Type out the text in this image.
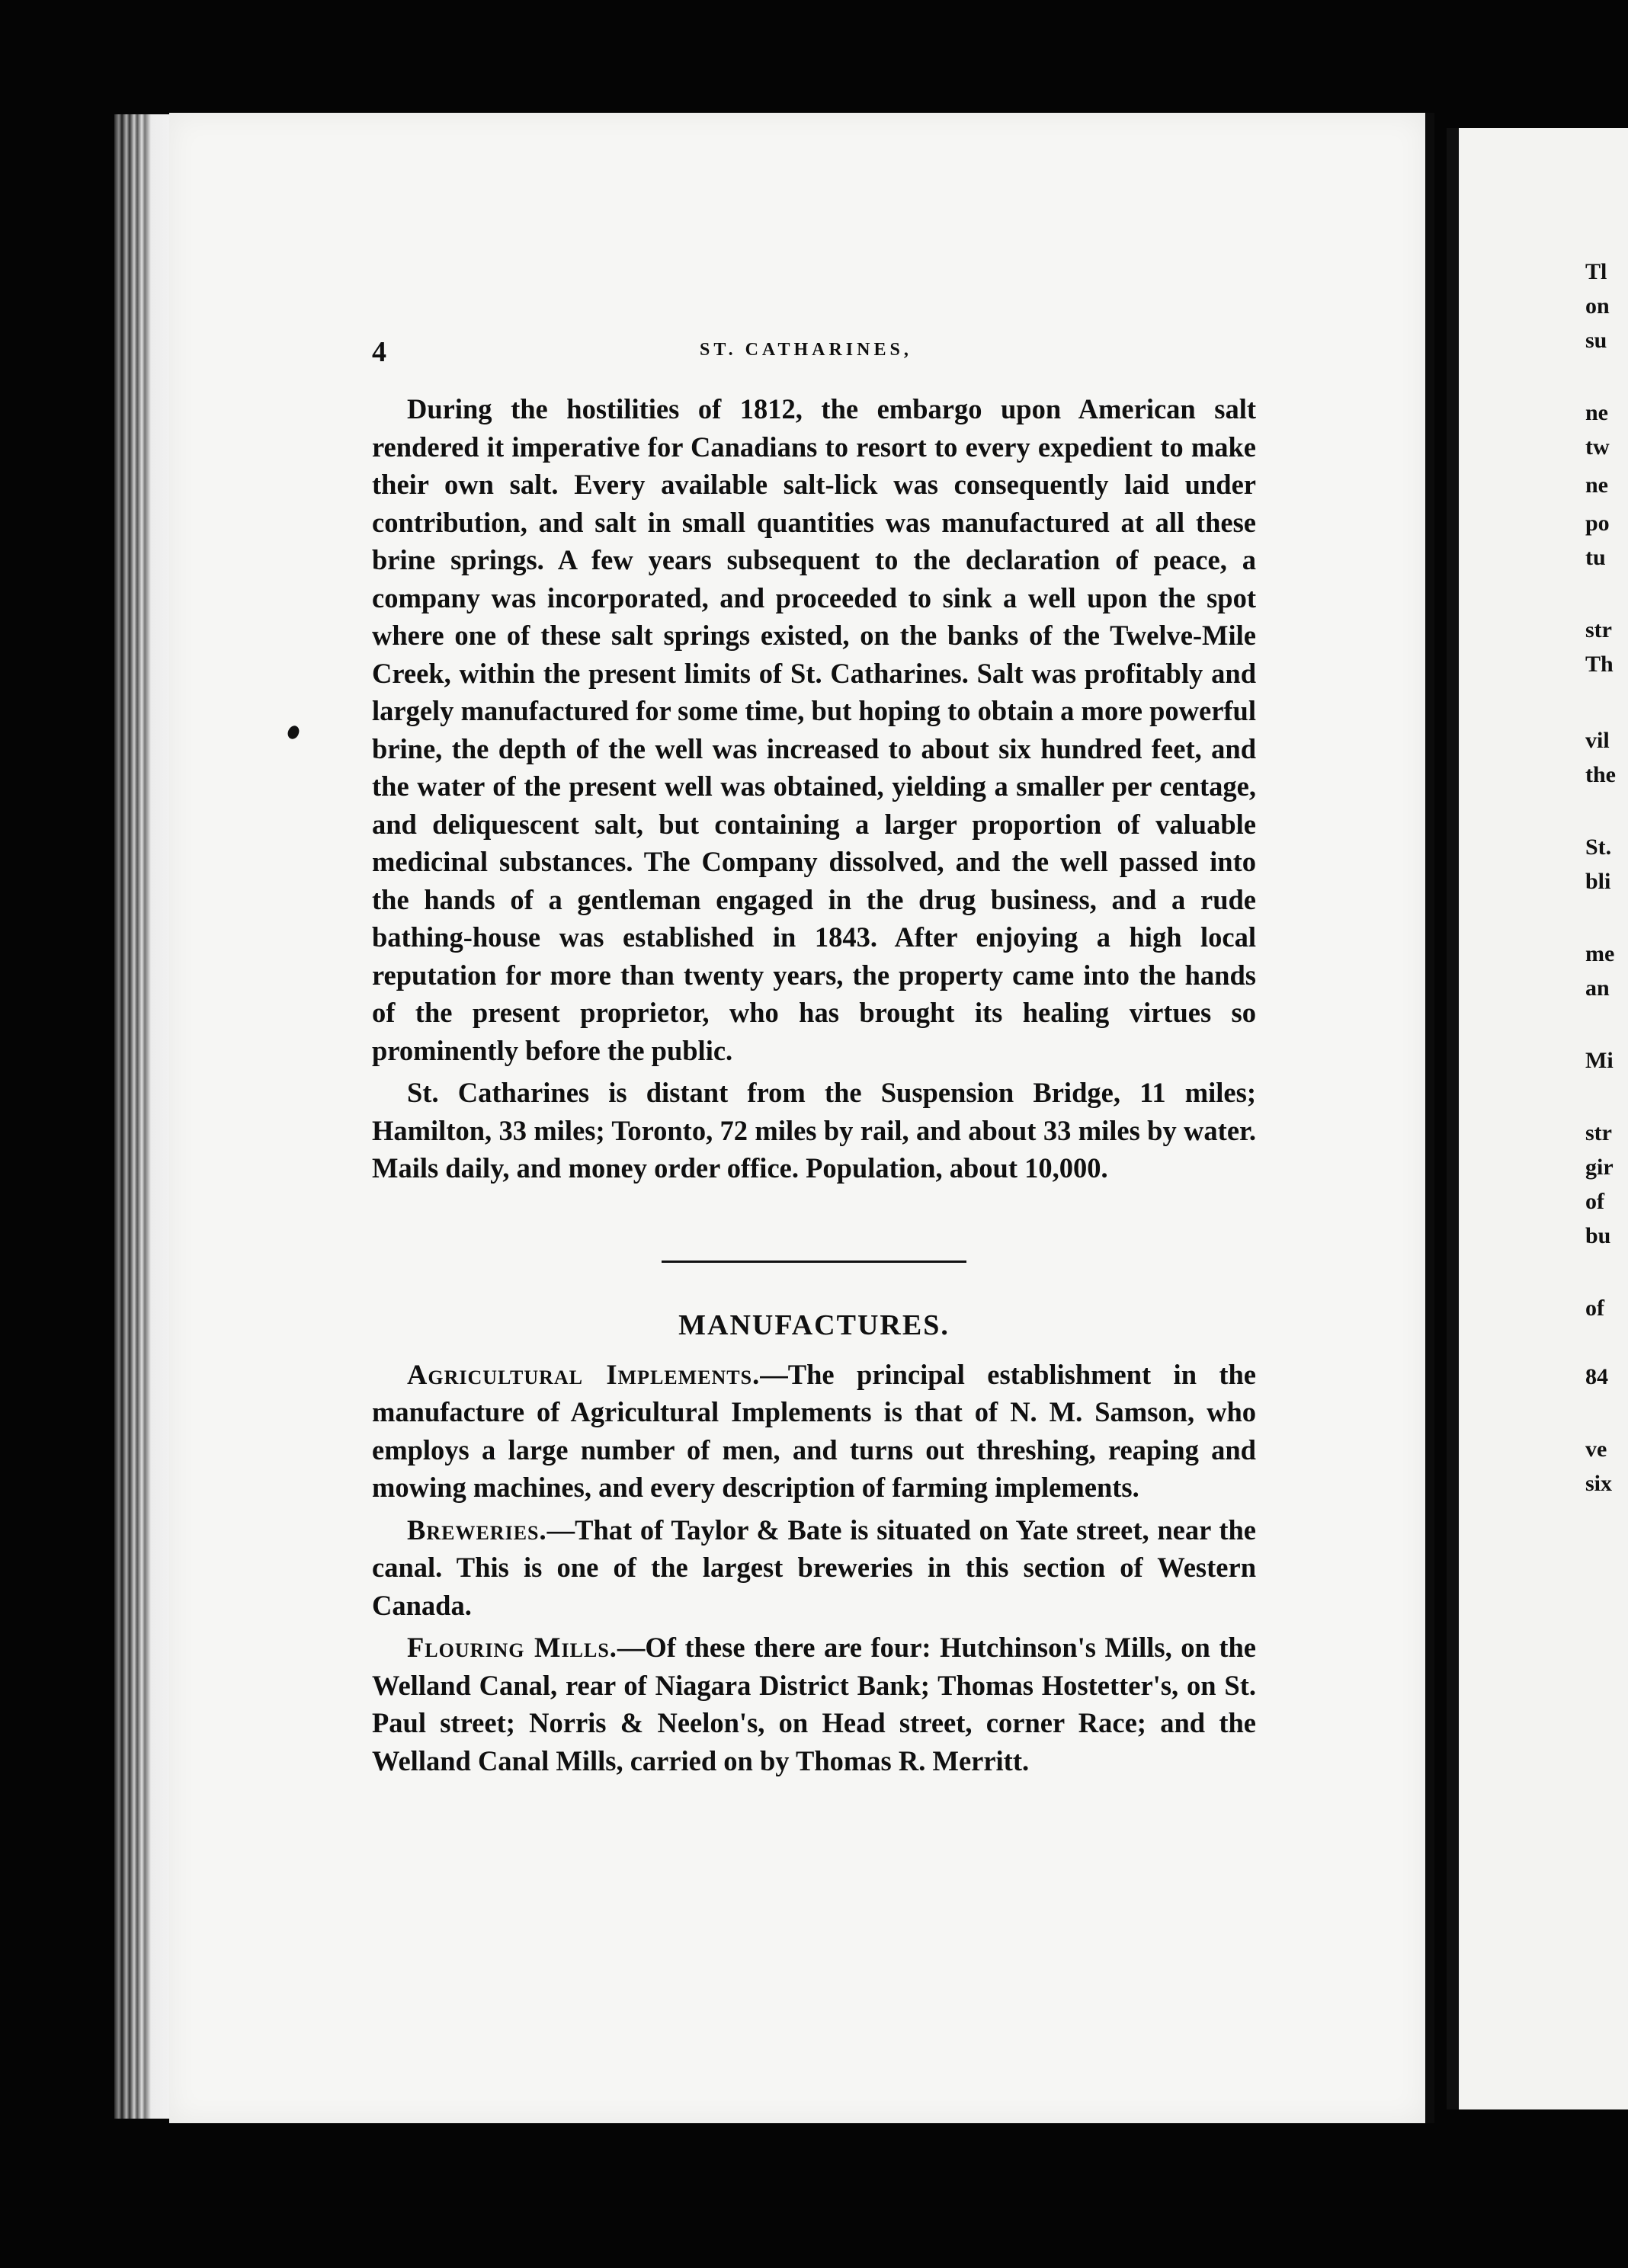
Tl
on
su
ne
tw
ne
po
tu
str
Th
vil
the
St.
bli
me
an
Mi
str
gir
of
bu
of
84
ve
six
4	ST. CATHARINES,

During the hostilities of 1812, the embargo upon American salt rendered it imperative for Canadians to resort to every expedient to make their own salt. Every available salt-lick was consequently laid under contribution, and salt in small quantities was manufactured at all these brine springs. A few years subsequent to the declaration of peace, a company was incorporated, and proceeded to sink a well upon the spot where one of these salt springs existed, on the banks of the Twelve-Mile Creek, within the present limits of St. Catharines. Salt was profitably and largely manufactured for some time, but hoping to obtain a more powerful brine, the depth of the well was increased to about six hundred feet, and the water of the present well was obtained, yielding a smaller per centage, and deliquescent salt, but containing a larger proportion of valuable medicinal substances. The Company dissolved, and the well passed into the hands of a gentleman engaged in the drug business, and a rude bathing-house was established in 1843. After enjoying a high local reputation for more than twenty years, the property came into the hands of the present proprietor, who has brought its healing virtues so prominently before the public.

St. Catharines is distant from the Suspension Bridge, 11 miles; Hamilton, 33 miles; Toronto, 72 miles by rail, and about 33 miles by water. Mails daily, and money order office. Population, about 10,000.

MANUFACTURES.

Agricultural Implements.—The principal establishment in the manufacture of Agricultural Implements is that of N. M. Samson, who employs a large number of men, and turns out threshing, reaping and mowing machines, and every description of farming implements.

Breweries.—That of Taylor & Bate is situated on Yate street, near the canal. This is one of the largest breweries in this section of Western Canada.

Flouring Mills.—Of these there are four: Hutchinson's Mills, on the Welland Canal, rear of Niagara District Bank; Thomas Hostetter's, on St. Paul street; Norris & Neelon's, on Head street, corner Race; and the Welland Canal Mills, carried on by Thomas R. Merritt.
